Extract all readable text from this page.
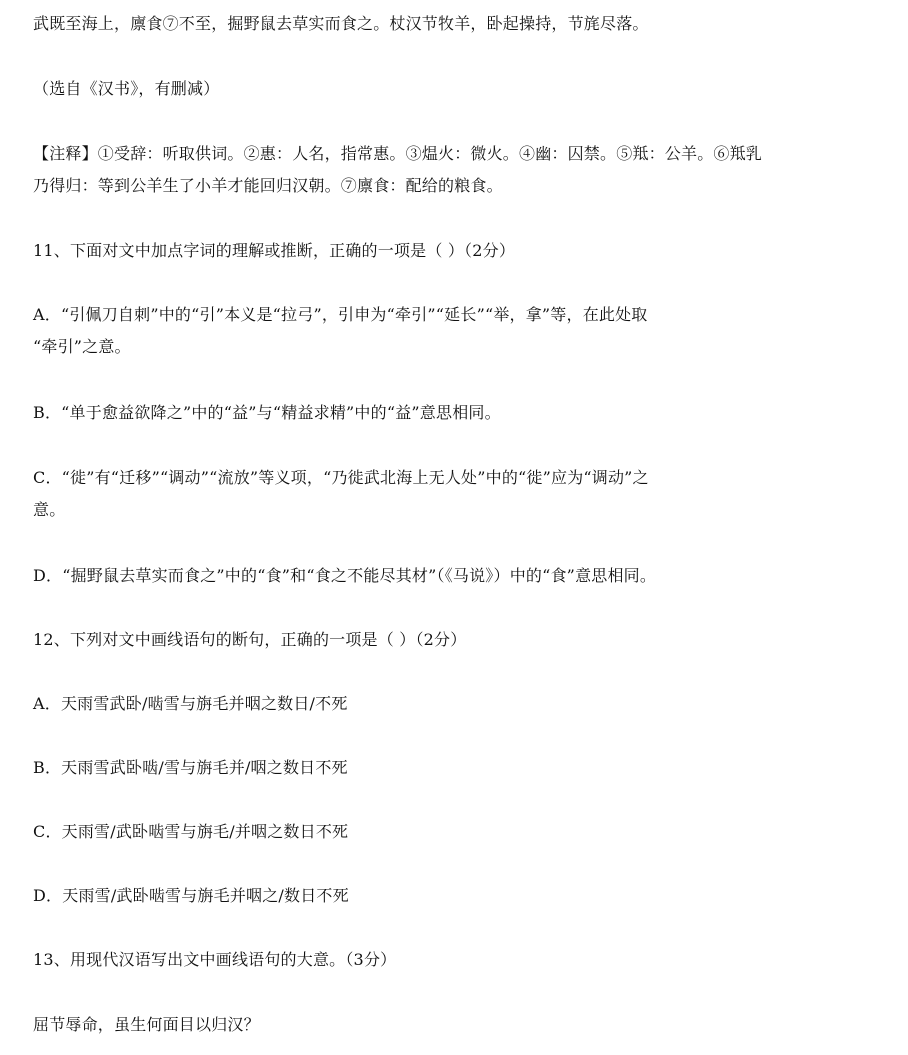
武既至海上，廪食⑦不至，掘野鼠去草实而食之。杖汉节牧羊，卧起操持，节旄尽落。
（选自《汉书》，有删减）
【注释】①受辞：听取供词。②惠：人名，指常惠。③煴火：微火。④幽：囚禁。⑤羝：公羊。⑥羝乳
乃得归：等到公羊生了小羊才能回归汉朝。⑦廪食：配给的粮食。
11、下面对文中加点字词的理解或推断，正确的一项是（ ）（2分）
A．“引佩刀自刺”中的“引”本义是“拉弓”，引申为“牵引”“延长”“举，拿”等，在此处取
“牵引”之意。
B．“单于愈益欲降之”中的“益”与“精益求精”中的“益”意思相同。
C．“徙”有“迁移”“调动”“流放”等义项，“乃徙武北海上无人处”中的“徙”应为“调动”之
意。
D．“掘野鼠去草实而食之”中的“食”和“食之不能尽其材”（《马说》）中的“食”意思相同。
12、下列对文中画线语句的断句，正确的一项是（ ）（2分）
A．天雨雪武卧/啮雪与旃毛并咽之数日/不死
B．天雨雪武卧啮/雪与旃毛并/咽之数日不死
C．天雨雪/武卧啮雪与旃毛/并咽之数日不死
D．天雨雪/武卧啮雪与旃毛并咽之/数日不死
13、用现代汉语写出文中画线语句的大意。（3分）
屈节辱命，虽生何面目以归汉？
